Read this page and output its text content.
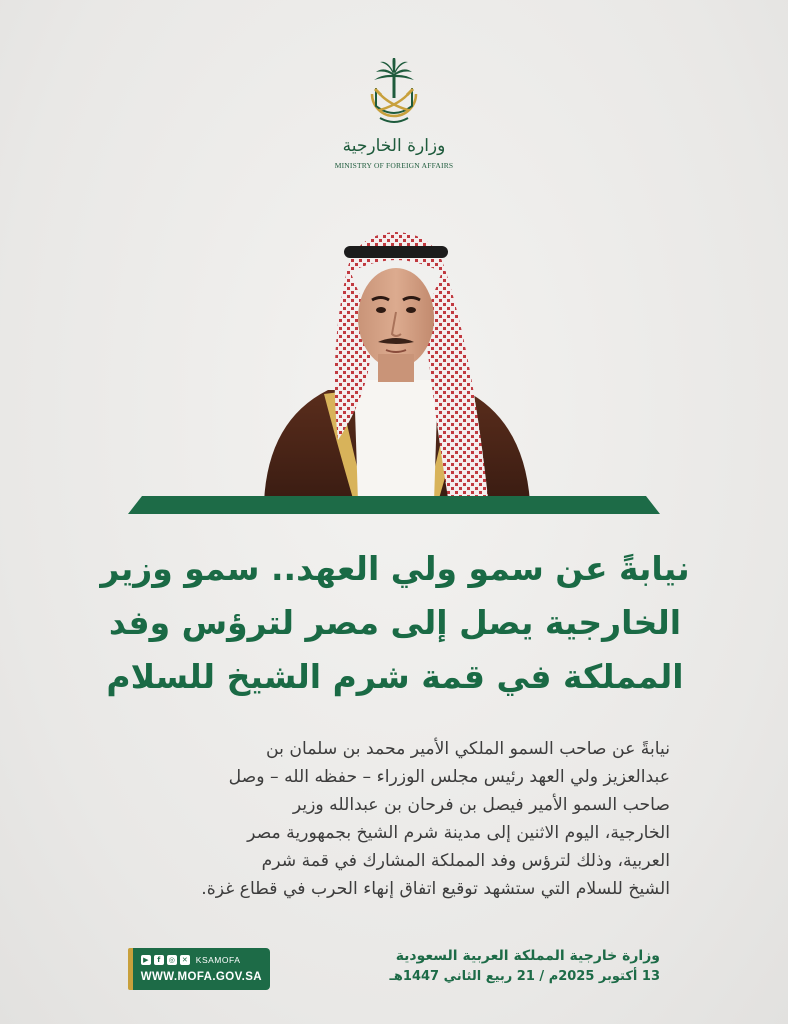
وزارة الخارجية
MINISTRY OF FOREIGN AFFAIRS
نيابةً عن سمو ولي العهد.. سمو وزير
الخارجية يصل إلى مصر لترؤس وفد
المملكة في قمة شرم الشيخ للسلام
نيابةً عن صاحب السمو الملكي الأمير محمد بن سلمان بن
عبدالعزيز ولي العهد رئيس مجلس الوزراء – حفظه الله – وصل
صاحب السمو الأمير فيصل بن فرحان بن عبدالله وزير
الخارجية، اليوم الاثنين إلى مدينة شرم الشيخ بجمهورية مصر
العربية، وذلك لترؤس وفد المملكة المشارك في قمة شرم
الشيخ للسلام التي ستشهد توقيع اتفاق إنهاء الحرب في قطاع غزة.
▶	f	◎ ✕ KSAMOFA
WWW.MOFA.GOV.SA
وزارة خارجية المملكة العربية السعودية
13 أكتوبر 2025م / 21 ربيع الثاني 1447هـ
